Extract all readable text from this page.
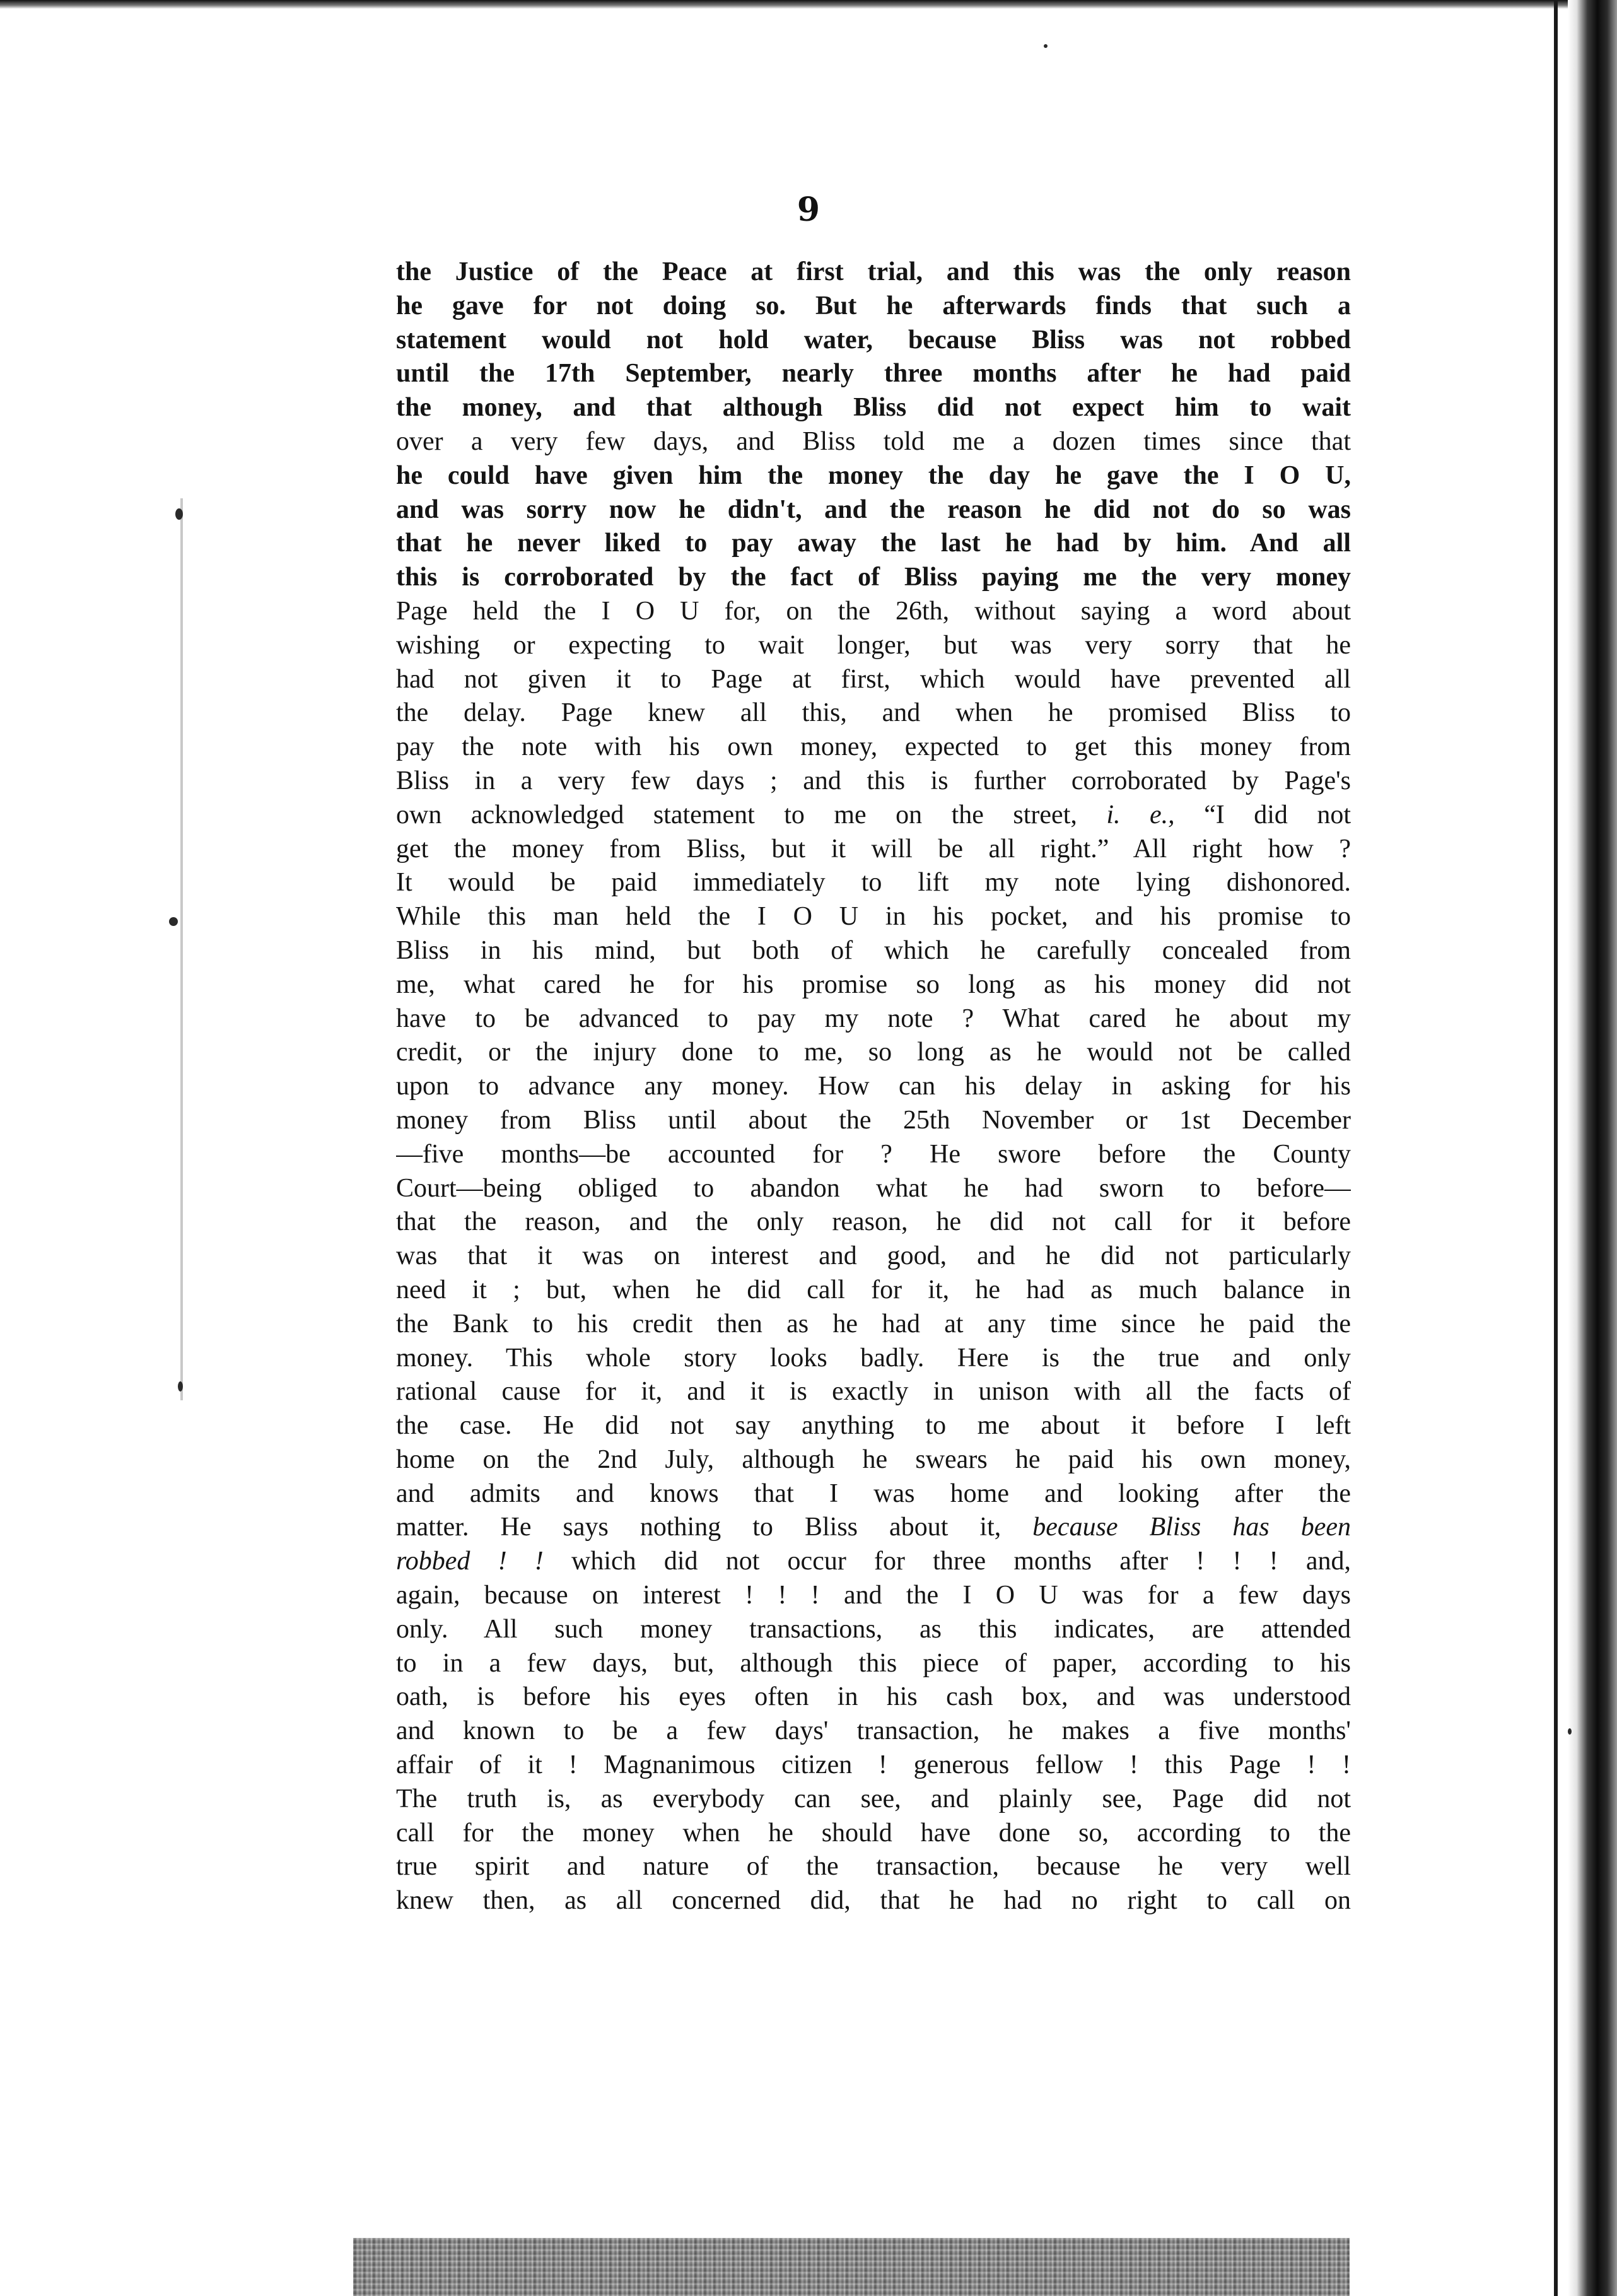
9
the Justice of the Peace at first trial, and this was the only reason
he gave for not doing so. But he afterwards finds that such a
statement would not hold water, because Bliss was not robbed
until the 17th September, nearly three months after he had paid
the money, and that although Bliss did not expect him to wait
over a very few days, and Bliss told me a dozen times since that
he could have given him the money the day he gave the I O U,
and was sorry now he didn't, and the reason he did not do so was
that he never liked to pay away the last he had by him. And all
this is corroborated by the fact of Bliss paying me the very money
Page held the I O U for, on the 26th, without saying a word about
wishing or expecting to wait longer, but was very sorry that he
had not given it to Page at first, which would have prevented all
the delay. Page knew all this, and when he promised Bliss to
pay the note with his own money, expected to get this money from
Bliss in a very few days ; and this is further corroborated by Page's
own acknowledged statement to me on the street, i. e., “I did not
get the money from Bliss, but it will be all right.” All right how ?
It would be paid immediately to lift my note lying dishonored.
While this man held the I O U in his pocket, and his promise to
Bliss in his mind, but both of which he carefully concealed from
me, what cared he for his promise so long as his money did not
have to be advanced to pay my note ? What cared he about my
credit, or the injury done to me, so long as he would not be called
upon to advance any money. How can his delay in asking for his
money from Bliss until about the 25th November or 1st December
—five months—be accounted for ? He swore before the County
Court—being obliged to abandon what he had sworn to before—
that the reason, and the only reason, he did not call for it before
was that it was on interest and good, and he did not particularly
need it ; but, when he did call for it, he had as much balance in
the Bank to his credit then as he had at any time since he paid the
money. This whole story looks badly. Here is the true and only
rational cause for it, and it is exactly in unison with all the facts of
the case. He did not say anything to me about it before I left
home on the 2nd July, although he swears he paid his own money,
and admits and knows that I was home and looking after the
matter. He says nothing to Bliss about it, because Bliss has been
robbed ! ! which did not occur for three months after ! ! ! and,
again, because on interest ! ! ! and the I O U was for a few days
only. All such money transactions, as this indicates, are attended
to in a few days, but, although this piece of paper, according to his
oath, is before his eyes often in his cash box, and was understood
and known to be a few days' transaction, he makes a five months'
affair of it ! Magnanimous citizen ! generous fellow ! this Page ! !
The truth is, as everybody can see, and plainly see, Page did not
call for the money when he should have done so, according to the
true spirit and nature of the transaction, because he very well
knew then, as all concerned did, that he had no right to call on
